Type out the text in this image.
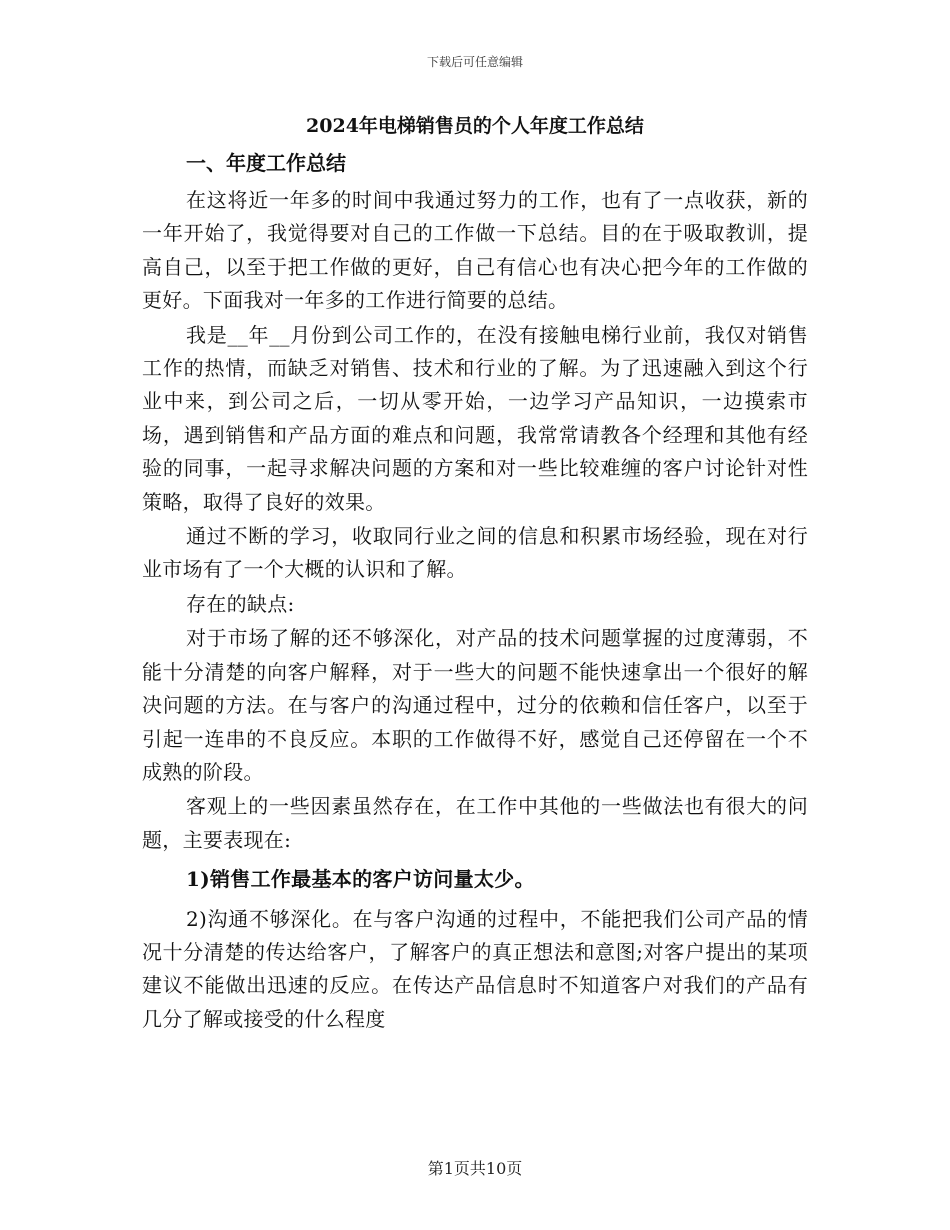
下载后可任意编辑
2024年电梯销售员的个人年度工作总结
一、年度工作总结

在这将近一年多的时间中我通过努力的工作，也有了一点收获，新的一年开始了，我觉得要对自己的工作做一下总结。目的在于吸取教训，提高自己，以至于把工作做的更好，自己有信心也有决心把今年的工作做的更好。下面我对一年多的工作进行简要的总结。

我是__年__月份到公司工作的，在没有接触电梯行业前，我仅对销售工作的热情，而缺乏对销售、技术和行业的了解。为了迅速融入到这个行业中来，到公司之后，一切从零开始，一边学习产品知识，一边摸索市场，遇到销售和产品方面的难点和问题，我常常请教各个经理和其他有经验的同事，一起寻求解决问题的方案和对一些比较难缠的客户讨论针对性策略，取得了良好的效果。

通过不断的学习，收取同行业之间的信息和积累市场经验，现在对行业市场有了一个大概的认识和了解。

存在的缺点:

对于市场了解的还不够深化，对产品的技术问题掌握的过度薄弱，不能十分清楚的向客户解释，对于一些大的问题不能快速拿出一个很好的解决问题的方法。在与客户的沟通过程中，过分的依赖和信任客户，以至于引起一连串的不良反应。本职的工作做得不好，感觉自己还停留在一个不成熟的阶段。

客观上的一些因素虽然存在，在工作中其他的一些做法也有很大的问题，主要表现在:

1)销售工作最基本的客户访问量太少。

2)沟通不够深化。在与客户沟通的过程中，不能把我们公司产品的情况十分清楚的传达给客户，了解客户的真正想法和意图;对客户提出的某项建议不能做出迅速的反应。在传达产品信息时不知道客户对我们的产品有几分了解或接受的什么程度

第1页共10页
